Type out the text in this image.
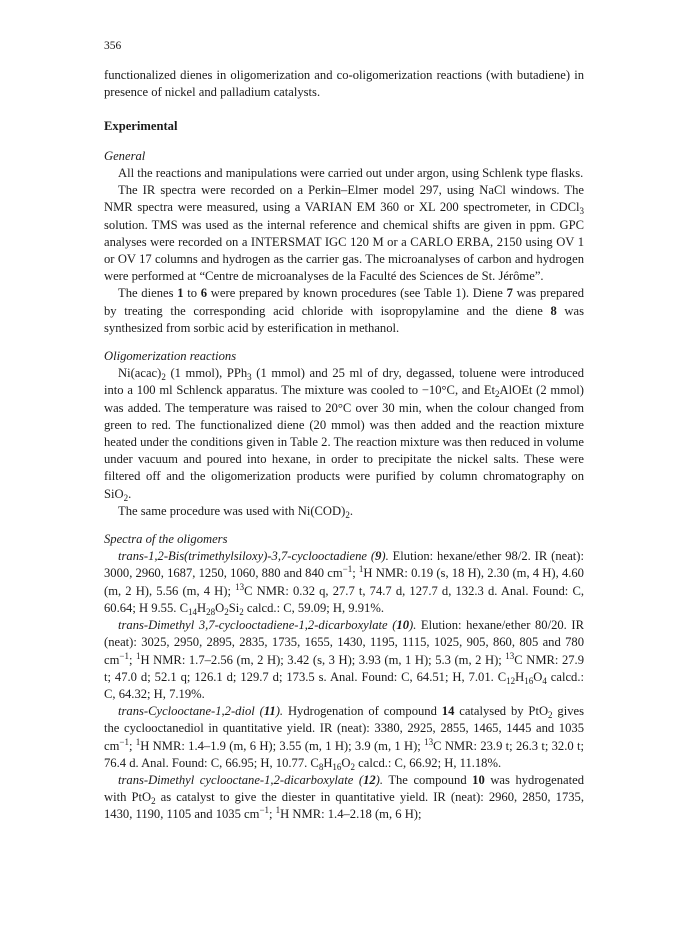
356

functionalized dienes in oligomerization and co-oligomerization reactions (with butadiene) in presence of nickel and palladium catalysts.

Experimental
General

All the reactions and manipulations were carried out under argon, using Schlenk type flasks.

The IR spectra were recorded on a Perkin–Elmer model 297, using NaCl windows. The NMR spectra were measured, using a VARIAN EM 360 or XL 200 spectrometer, in CDCl$_3$ solution. TMS was used as the internal reference and chemical shifts are given in ppm. GPC analyses were recorded on a INTERSMAT IGC 120 M or a CARLO ERBA, 2150 using OV 1 or OV 17 columns and hydrogen as the carrier gas. The microanalyses of carbon and hydrogen were performed at “Centre de microanalyses de la Faculté des Sciences de St. Jérôme”.

The dienes 1 to 6 were prepared by known procedures (see Table 1). Diene 7 was prepared by treating the corresponding acid chloride with isopropylamine and the diene 8 was synthesized from sorbic acid by esterification in methanol.

Oligomerization reactions

$Ni(acac)_2$ (1 mmol), PPh$_3$ (1 mmol) and 25 ml of dry, degassed, toluene were introduced into a 100 ml Schlenck apparatus. The mixture was cooled to −10°C, and $Et_2AlOEt$ (2 mmol) was added. The temperature was raised to 20°C over 30 min, when the colour changed from green to red. The functionalized diene (20 mmol) was then added and the reaction mixture heated under the conditions given in Table 2. The reaction mixture was then reduced in volume under vacuum and poured into hexane, in order to precipitate the nickel salts. These were filtered off and the oligomerization products were purified by column chromatography on SiO$_2$.

The same procedure was used with $Ni(COD)_2$.

Spectra of the oligomers

trans-1,2-Bis(trimethylsiloxy)-3,7-cyclooctadiene (9). Elution: hexane/ether 98/2. IR (neat): 3000, 2960, 1687, 1250, 1060, 880 and 840 $cm^{-1}$; $^1$H NMR: 0.19 (s, 18 H), 2.30 (m, 4 H), 4.60 (m, 2 H), 5.56 (m, 4 H); $^{13}$C NMR: 0.32 q, 27.7 t, 74.7 d, 127.7 d, 132.3 d. Anal. Found: C, 60.64; H 9.55. $C_{14}H_{28}O_2Si_2$ calcd.: C, 59.09; H, 9.91%.

trans-Dimethyl 3,7-cyclooctadiene-1,2-dicarboxylate (10). Elution: hexane/ether 80/20. IR (neat): 3025, 2950, 2895, 2835, 1735, 1655, 1430, 1195, 1115, 1025, 905, 860, 805 and 780 $cm^{-1}$; $^1$H NMR: 1.7–2.56 (m, 2 H); 3.42 (s, 3 H); 3.93 (m, 1 H); 5.3 (m, 2 H); $^{13}$C NMR: 27.9 t; 47.0 d; 52.1 q; 126.1 d; 129.7 d; 173.5 s. Anal. Found: C, 64.51; H, 7.01. $C_{12}H_{16}O_4$ calcd.: C, 64.32; H, 7.19%.

trans-Cyclooctane-1,2-diol (11). Hydrogenation of compound 14 catalysed by PtO$_2$ gives the cyclooctanediol in quantitative yield. IR (neat): 3380, 2925, 2855, 1465, 1445 and 1035 $cm^{-1}$; $^1$H NMR: 1.4–1.9 (m, 6 H); 3.55 (m, 1 H); 3.9 (m, 1 H); $^{13}$C NMR: 23.9 t; 26.3 t; 32.0 t; 76.4 d. Anal. Found: C, 66.95; H, 10.77. $C_8H_{16}O_2$ calcd.: C, 66.92; H, 11.18%.

trans-Dimethyl cyclooctane-1,2-dicarboxylate (12). The compound 10 was hydrogenated with PtO$_2$ as catalyst to give the diester in quantitative yield. IR (neat): 2960, 2850, 1735, 1430, 1190, 1105 and 1035 $cm^{-1}$; $^1$H NMR: 1.4–2.18 (m, 6 H);
